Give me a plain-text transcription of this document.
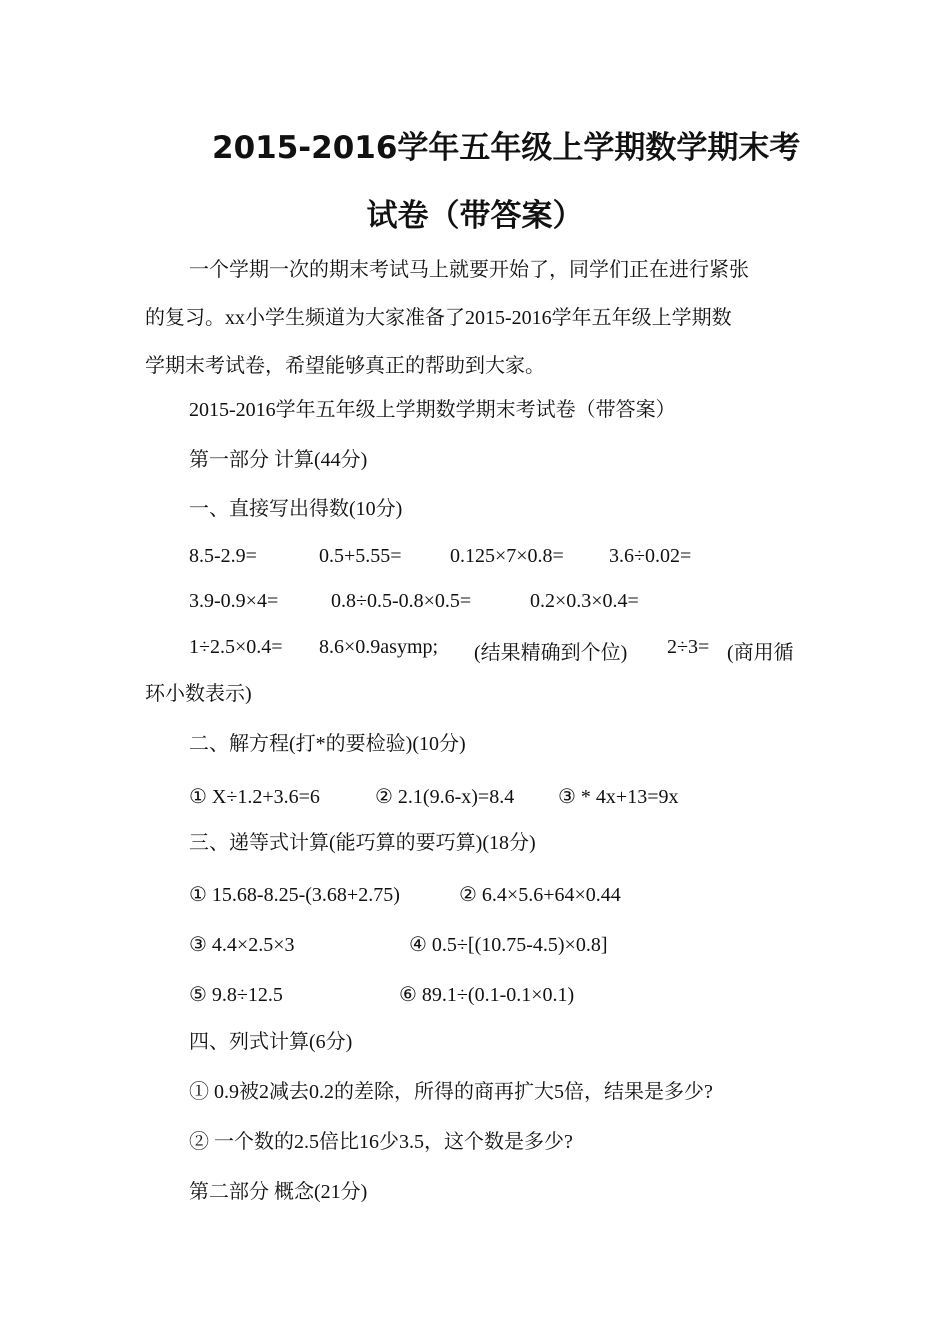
2015-2016学年五年级上学期数学期末考
试卷（带答案）
一个学期一次的期末考试马上就要开始了，同学们正在进行紧张
的复习。xx小学生频道为大家准备了2015-2016学年五年级上学期数
学期末考试卷，希望能够真正的帮助到大家。
2015-2016学年五年级上学期数学期末考试卷（带答案）
第一部分 计算(44分)
一、直接写出得数(10分)
8.5-2.9=	0.5+5.55= 0.125×7×0.8= 3.6÷0.02=
3.9-0.9×4=	0.8÷0.5-0.8×0.5=	0.2×0.3×0.4=
1÷2.5×0.4= 8.6×0.9asymp; (结果精确到个位) 2÷3= (商用循
环小数表示)
二、解方程(打*的要检验)(10分)
① X÷1.2+3.6=6	② 2.1(9.6-x)=8.4 ③ * 4x+13=9x
三、递等式计算(能巧算的要巧算)(18分)
① 15.68-8.25-(3.68+2.75)	② 6.4×5.6+64×0.44
③ 4.4×2.5×3	④ 0.5÷[(10.75-4.5)×0.8]
⑤ 9.8÷12.5	⑥ 89.1÷(0.1-0.1×0.1)
四、列式计算(6分)
① 0.9被2减去0.2的差除，所得的商再扩大5倍，结果是多少?
② 一个数的2.5倍比16少3.5，这个数是多少?
第二部分 概念(21分)
